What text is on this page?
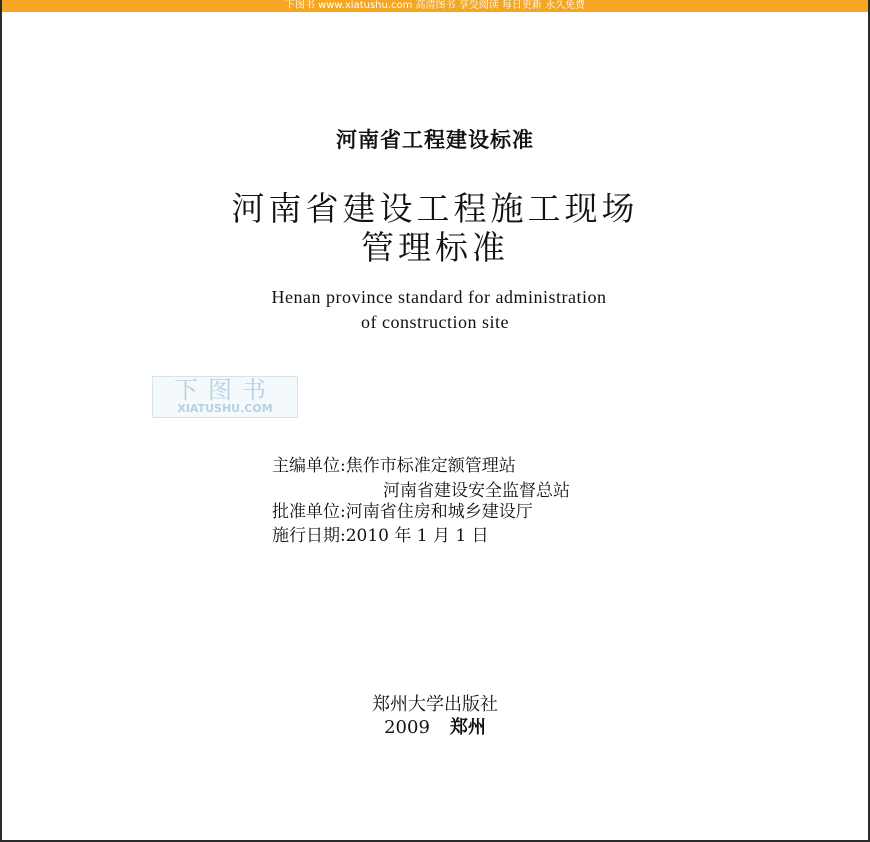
下图书 www.xiatushu.com 高清图书 享受阅读 每日更新 永久免费
河南省工程建设标准
河南省建设工程施工现场
管理标准
Henan province standard for administration
of construction site
下图书
XIATUSHU.COM
主编单位:焦作市标准定额管理站
河南省建设安全监督总站
批准单位:河南省住房和城乡建设厅
施行日期:2010 年 1 月 1 日
郑州大学出版社
2009 郑州
